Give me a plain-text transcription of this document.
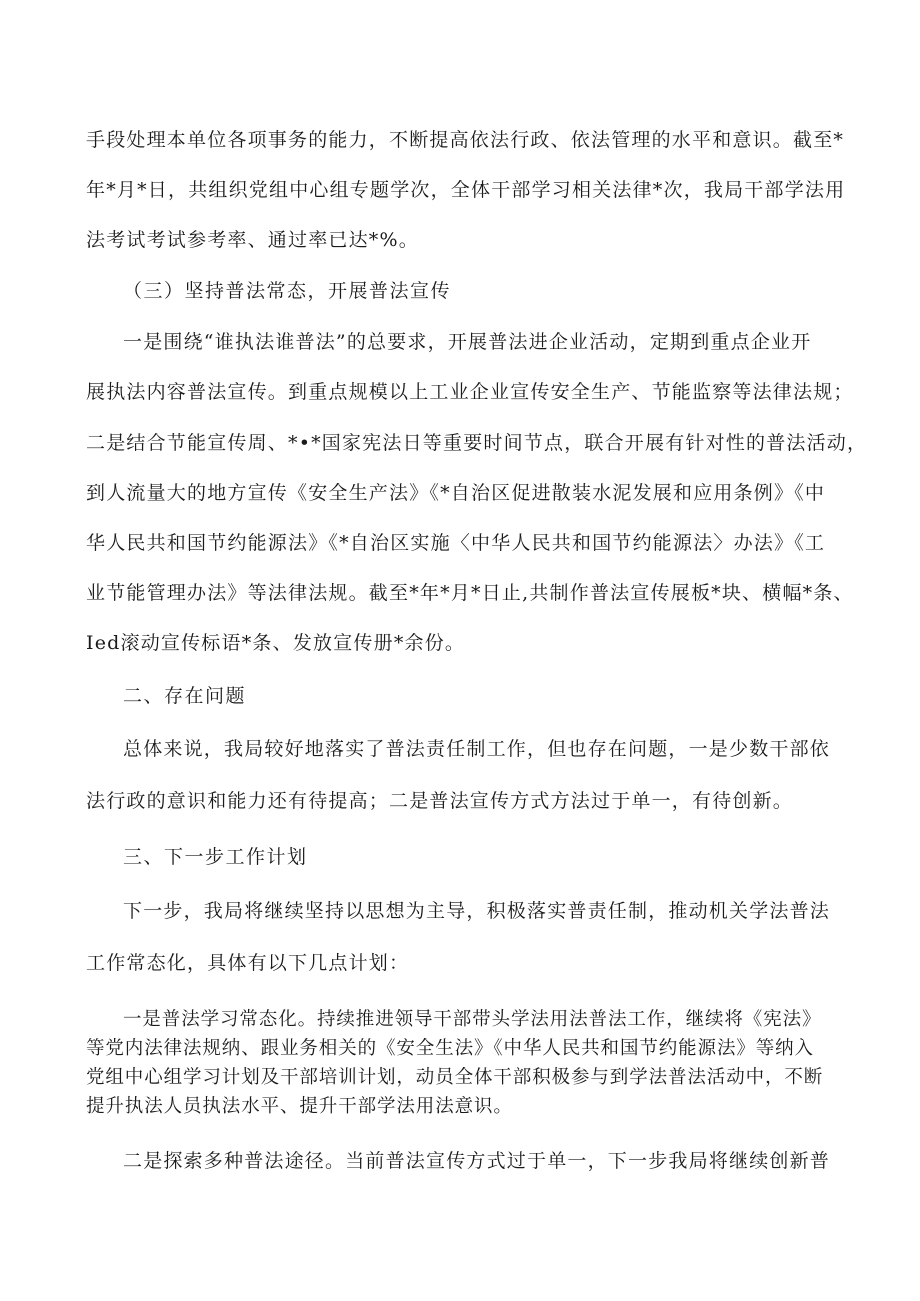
手段处理本单位各项事务的能力，不断提高依法行政、依法管理的水平和意识。截至*
年*月*日，共组织党组中心组专题学次，全体干部学习相关法律*次，我局干部学法用
法考试考试参考率、通过率已达*%。
（三）坚持普法常态，开展普法宣传
一是围绕“谁执法谁普法”的总要求，开展普法进企业活动，定期到重点企业开
展执法内容普法宣传。到重点规模以上工业企业宣传安全生产、节能监察等法律法规；
二是结合节能宣传周、*•*国家宪法日等重要时间节点，联合开展有针对性的普法活动，
到人流量大的地方宣传《安全生产法》《*自治区促进散装水泥发展和应用条例》《中
华人民共和国节约能源法》《*自治区实施〈中华人民共和国节约能源法〉办法》《工
业节能管理办法》等法律法规。截至*年*月*日止,共制作普法宣传展板*块、横幅*条、
Ied滚动宣传标语*条、发放宣传册*余份。
二、存在问题
总体来说，我局较好地落实了普法责任制工作，但也存在问题，一是少数干部依
法行政的意识和能力还有待提高；二是普法宣传方式方法过于单一，有待创新。
三、下一步工作计划
下一步，我局将继续坚持以思想为主导，积极落实普责任制，推动机关学法普法
工作常态化，具体有以下几点计划：
一是普法学习常态化。持续推进领导干部带头学法用法普法工作，继续将《宪法》
等党内法律法规纳、跟业务相关的《安全生法》《中华人民共和国节约能源法》等纳入
党组中心组学习计划及干部培训计划，动员全体干部积极参与到学法普法活动中，不断
提升执法人员执法水平、提升干部学法用法意识。
二是探索多种普法途径。当前普法宣传方式过于单一，下一步我局将继续创新普
